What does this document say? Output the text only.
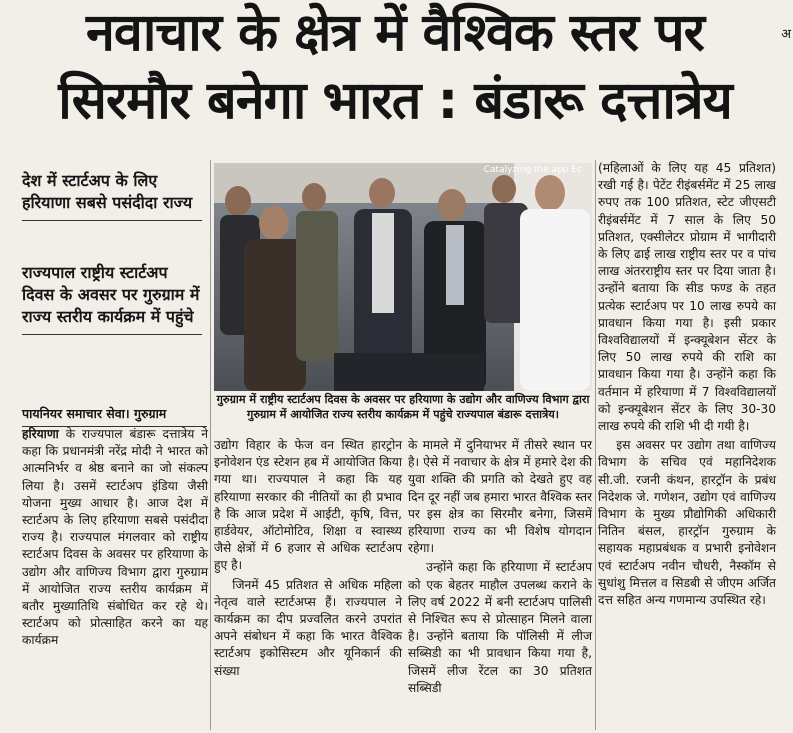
नवाचार के क्षेत्र में वैश्विक स्तर पर
सिरमौर बनेगा भारत : बंडारू दत्तात्रेय
अ
देश में स्टार्टअप के लिए हरियाणा सबसे पसंदीदा राज्य
राज्यपाल राष्ट्रीय स्टार्टअप दिवस के अवसर पर गुरुग्राम में राज्य स्तरीय कार्यक्रम में पहुंचे
पायनियर समाचार सेवा। गुरुग्राम

हरियाणा के राज्यपाल बंडारू दत्तात्रेय ने कहा कि प्रधानमंत्री नरेंद्र मोदी ने भारत को आत्मनिर्भर व श्रेष्ठ बनाने का जो संकल्प लिया है। उसमें स्टार्टअप इंडिया जैसी योजना मुख्य आधार है। आज देश में स्टार्टअप के लिए हरियाणा सबसे पसंदीदा राज्य है। राज्यपाल मंगलवार को राष्ट्रीय स्टार्टअप दिवस के अवसर पर हरियाणा के उद्योग और वाणिज्य विभाग द्वारा गुरुग्राम में आयोजित राज्य स्तरीय कार्यक्रम में बतौर मुख्यातिथि संबोधित कर रहे थे। स्टार्टअप को प्रोत्साहित करने का यह कार्यक्रम

Catalyzing the app Ec
गुरुग्राम में राष्ट्रीय स्टार्टअप दिवस के अवसर पर हरियाणा के उद्योग और वाणिज्य विभाग द्वारा गुरुग्राम में आयोजित राज्य स्तरीय कार्यक्रम में पहुंचे राज्यपाल बंडारू दत्तात्रेय।

उद्योग विहार के फेज वन स्थित हारट्रोन इनोवेशन एंड स्टेशन हब में आयोजित किया गया था। राज्यपाल ने कहा कि यह हरियाणा सरकार की नीतियों का ही प्रभाव है कि आज प्रदेश में आईटी, कृषि, वित्त, हार्डवेयर, ऑटोमोटिव, शिक्षा व स्वास्थ्य जैसे क्षेत्रों में 6 हजार से अधिक स्टार्टअप हुए है।

जिनमें 45 प्रतिशत से अधिक महिला नेतृत्व वाले स्टार्टअप्स हैं। राज्यपाल ने कार्यक्रम का दीप प्रज्वलित करने उपरांत अपने संबोधन में कहा कि भारत वैश्विक स्टार्टअप इकोसिस्टम और यूनिकार्न की संख्या

के मामले में दुनियाभर में तीसरे स्थान पर है। ऐसे में नवाचार के क्षेत्र में हमारे देश की युवा शक्ति की प्रगति को देखते हुए वह दिन दूर नहीं जब हमारा भारत वैश्विक स्तर पर इस क्षेत्र का सिरमौर बनेगा, जिसमें हरियाणा राज्य का भी विशेष योगदान रहेगा।

उन्होंने कहा कि हरियाणा में स्टार्टअप को एक बेहतर माहौल उपलब्ध कराने के लिए वर्ष 2022 में बनी स्टार्टअप पालिसी से निश्चित रूप से प्रोत्साहन मिलने वाला है। उन्होंने बताया कि पॉलिसी में लीज सब्सिडी का भी प्रावधान किया गया है, जिसमें लीज रेंटल का 30 प्रतिशत सब्सिडी

(महिलाओं के लिए यह 45 प्रतिशत) रखी गई है। पेटेंट रीइंबर्समेंट में 25 लाख रुपए तक 100 प्रतिशत, स्टेट जीएसटी रीइंबर्समेंट में 7 साल के लिए 50 प्रतिशत, एक्सीलेटर प्रोग्राम में भागीदारी के लिए ढाई लाख राष्ट्रीय स्तर पर व पांच लाख अंतरराष्ट्रीय स्तर पर दिया जाता है। उन्होंने बताया कि सीड फण्ड के तहत प्रत्येक स्टार्टअप पर 10 लाख रुपये का प्रावधान किया गया है। इसी प्रकार विश्वविद्यालयों में इन्क्यूबेशन सेंटर के लिए 50 लाख रुपये की राशि का प्रावधान किया गया है। उन्होंने कहा कि वर्तमान में हरियाणा में 7 विश्वविद्यालयों को इन्क्यूबेशन सेंटर के लिए 30-30 लाख रुपये की राशि भी दी गयी है।

इस अवसर पर उद्योग तथा वाणिज्य विभाग के सचिव एवं महानिदेशक सी.जी. रजनी कंथन, हारट्रॉन के प्रबंध निदेशक जे. गणेशन, उद्योग एवं वाणिज्य विभाग के मुख्य प्रौद्योगिकी अधिकारी नितिन बंसल, हारट्रॉन गुरुग्राम के सहायक महाप्रबंधक व प्रभारी इनोवेशन एवं स्टार्टअप नवीन चौधरी, नैस्कॉम से सुधांशु मित्तल व सिडबी से जीएम अर्जित दत्त सहित अन्य गणमान्य उपस्थित रहे।
